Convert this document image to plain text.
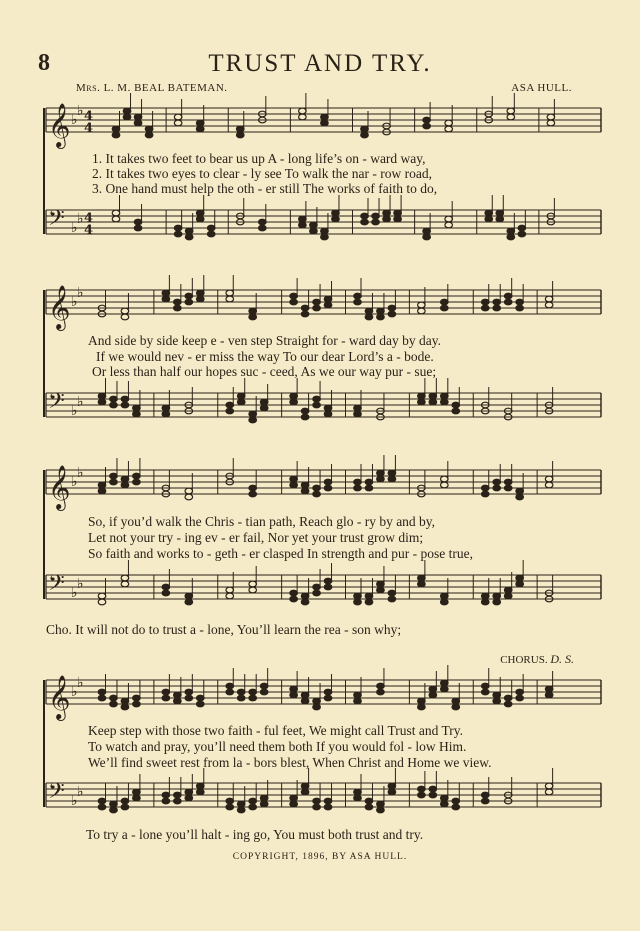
8	TRUST AND TRY.
Mrs. L. M. BEAL BATEMAN.	ASA HULL.
𝄞 ♭
♭ 4
4
𝄢 ♭
♭ 4
4
𝄞 ♭
♭
𝄢 ♭
♭
𝄞 ♭
♭
𝄢 ♭
♭
𝄞 ♭
♭
𝄢 ♭
♭
1. It takes two feet to bear us up A - long life’s on - ward way,
2. It takes two eyes to clear - ly see To walk the nar - row road,
3. One hand must help the oth - er still The works of faith to do,
And side by side keep e - ven step Straight for - ward day by day.
If we would nev - er miss the way To our dear Lord’s a - bode.
Or less than half our hopes suc - ceed, As we our way pur - sue;
So, if you’d walk the Chris - tian path, Reach glo - ry by and by,
Let not your try - ing ev - er fail, Nor yet your trust grow dim;
So faith and works to - geth - er clasped In strength and pur - pose true,
Cho. It will not do to trust a - lone, You’ll learn the rea - son why;
CHORUS. D. S.
Keep step with those two faith - ful feet, We might call Trust and Try.
To watch and pray, you’ll need them both If you would fol - low Him.
We’ll find sweet rest from la - bors blest, When Christ and Home we view.
To try a - lone you’ll halt - ing go, You must both trust and try.
COPYRIGHT, 1896, BY ASA HULL.
